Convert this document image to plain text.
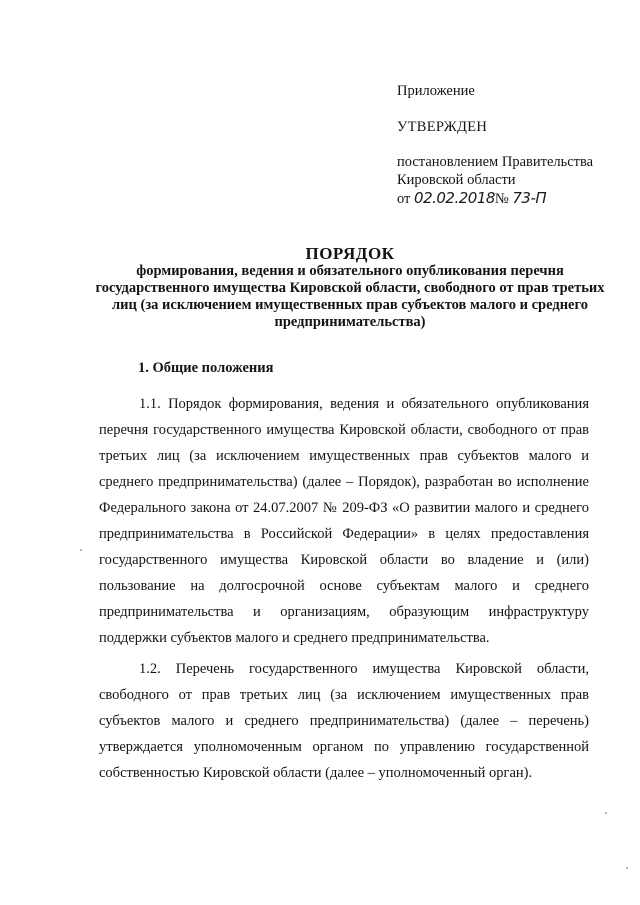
Приложение
УТВЕРЖДЕН
постановлением Правительства
Кировской области
от 02.02.2018№ 73-П
ПОРЯДОК
формирования, ведения и обязательного опубликования перечня государственного имущества Кировской области, свободного от прав третьих лиц (за исключением имущественных прав субъектов малого и среднего предпринимательства)
1. Общие положения

1.1. Порядок формирования, ведения и обязательного опубликования перечня государственного имущества Кировской области, свободного от прав третьих лиц (за исключением имущественных прав субъектов малого и среднего предпринимательства) (далее – Порядок), разработан во исполнение Федерального закона от 24.07.2007 № 209-ФЗ «О развитии малого и среднего предпринимательства в Российской Федерации» в целях предоставления государственного имущества Кировской области во владение и (или) пользование на долгосрочной основе субъектам малого и среднего предпринимательства и организациям, образующим инфраструктуру поддержки субъектов малого и среднего предпринимательства.

1.2. Перечень государственного имущества Кировской области, свободного от прав третьих лиц (за исключением имущественных прав субъектов малого и среднего предпринимательства) (далее – перечень) утверждается уполномоченным органом по управлению государственной собственностью Кировской области (далее – уполномоченный орган).
